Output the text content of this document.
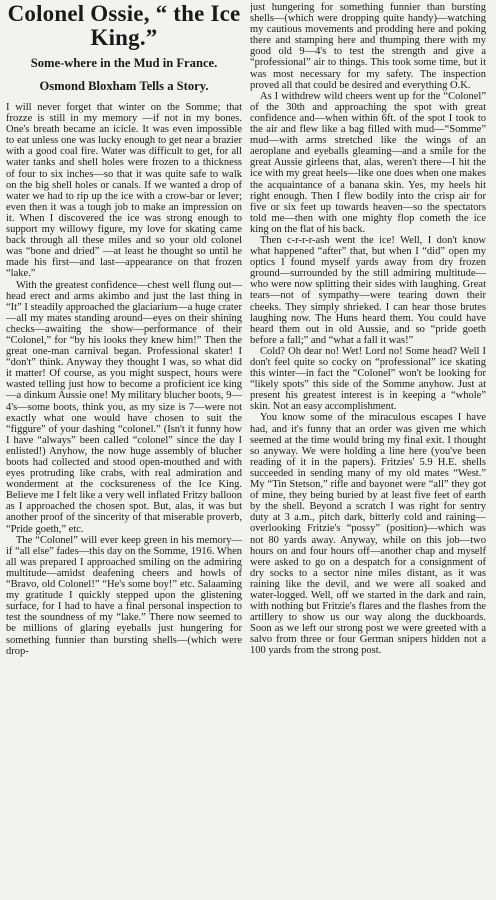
Colonel Ossie, “ the Ice King.”
Some-where in the Mud in France.
Osmond Bloxham Tells a Story.

I will never forget that winter on the Somme; that frozze is still in my memory —if not in my bones. One's breath became an icicle. It was even impossible to eat unless one was lucky enough to get near a brazier with a good coal fire. Water was difficult to get, for all water tanks and shell holes were frozen to a thickness of four to six inches—so that it was quite safe to walk on the big shell holes or canals. If we wanted a drop of water we had to rip up the ice with a crow-bar or lever; even then it was a tough job to make an impression on it. When I discovered the ice was strong enough to support my willowy figure, my love for skating came back through all these miles and so your old colonel was “bone and dried” —at least he thought so until he made his first—and last—appearance on that frozen “lake.”

With the greatest confidence—chest well flung out—head erect and arms akimbo and just the last thing in “It” I steadily approached the glaciarium—a huge crater—all my mates standing around—eyes on their shining checks—awaiting the show—performance of their “Colonel,” for “by his looks they knew him!” Then the great one-man carnival began. Professional skater! I “don't” think. Anyway they thought I was, so what did it matter! Of course, as you might suspect, hours were wasted telling just how to become a proficient ice king—a dinkum Aussie one! My military blucher boots, 9—4's—some boots, think you, as my size is 7—were not exactly what one would have chosen to suit the “figgure” of your dashing “colonel.” (Isn't it funny how I have “always” been called “colonel” since the day I enlisted!) Anyhow, the now huge assembly of blucher boots had collected and stood open-mouthed and with eyes protruding like crabs, with real admiration and wonderment at the cocksureness of the Ice King. Believe me I felt like a very well inflated Fritzy balloon as I approached the chosen spot. But, alas, it was but another proof of the sincerity of that miserable proverb, “Pride goeth,” etc.

The “Colonel” will ever keep green in his memory—if “all else” fades—this day on the Somme, 1916. When all was prepared I approached smiling on the admiring multitude—amidst deafening cheers and howls of “Bravo, old Colonel!” “He's some boy!” etc. Salaaming my gratitude I quickly stepped upon the glistening surface, for I had to have a final personal inspection to test the soundness of my “lake.” There now seemed to be millions of glaring eyeballs just hungering for something funnier than bursting shells—(which were drop-

just hungering for something funnier than bursting shells—(which were dropping quite handy)—watching my cautious movements and prodding here and poking there and stamping here and thumping there with my good old 9—4's to test the strength and give a “professional” air to things. This took some time, but it was most necessary for my safety. The inspection proved all that could be desired and everything O.K.

As I withdrew wild cheers went up for the “Colonel” of the 30th and approaching the spot with great confidence and—when within 6ft. of the spot I took to the air and flew like a bag filled with mud—“Somme” mud—with arms stretched like the wings of an aeroplane and eyeballs gleaming—and a smile for the great Aussie girleens that, alas, weren't there—I hit the ice with my great heels—like one does when one makes the acquaintance of a banana skin. Yes, my heels hit right enough. Then I flew bodily into the crisp air for five or six feet up towards heaven—so the spectators told me—then with one mighty flop cometh the ice king on the flat of his back.

Then c-r-r-r-ash went the ice! Well, I don't know what happened “after” that, but when I “did” open my optics I found myself yards away from dry frozen ground—surrounded by the still admiring multitude—who were now splitting their sides with laughing. Great tears—not of sympathy—were tearing down their cheeks. They simply shrieked. I can hear those brutes laughing now. The Huns heard them. You could have heard them out in old Aussie, and so “pride goeth before a fall;” and “what a fall it was!”

Cold? Oh dear no! Wet! Lord no! Some head? Well I don't feel quite so cocky on “professional” ice skating this winter—in fact the “Colonel” won't be looking for “likely spots” this side of the Somme anyhow. Just at present his greatest interest is in keeping a “whole” skin. Not an easy accomplishment.

You know some of the miraculous escapes I have had, and it's funny that an order was given me which seemed at the time would bring my final exit. I thought so anyway. We were holding a line here (you've been reading of it in the papers). Fritzies' 5.9 H.E. shells succeeded in sending many of my old mates “West.” My “Tin Stetson,” rifle and bayonet were “all” they got of mine, they being buried by at least five feet of earth by the shell. Beyond a scratch I was right for sentry duty at 3 a.m., pitch dark, bitterly cold and raining—overlooking Fritzie's “possy” (position)—which was not 80 yards away. Anyway, while on this job—two hours on and four hours off—another chap and myself were asked to go on a despatch for a consignment of dry socks to a sector nine miles distant, as it was raining like the devil, and we were all soaked and water-logged. Well, off we started in the dark and rain, with nothing but Fritzie's flares and the flashes from the artillery to show us our way along the duckboards. Soon as we left our strong post we were greeted with a salvo from three or four German snipers hidden not a 100 yards from the strong post.
